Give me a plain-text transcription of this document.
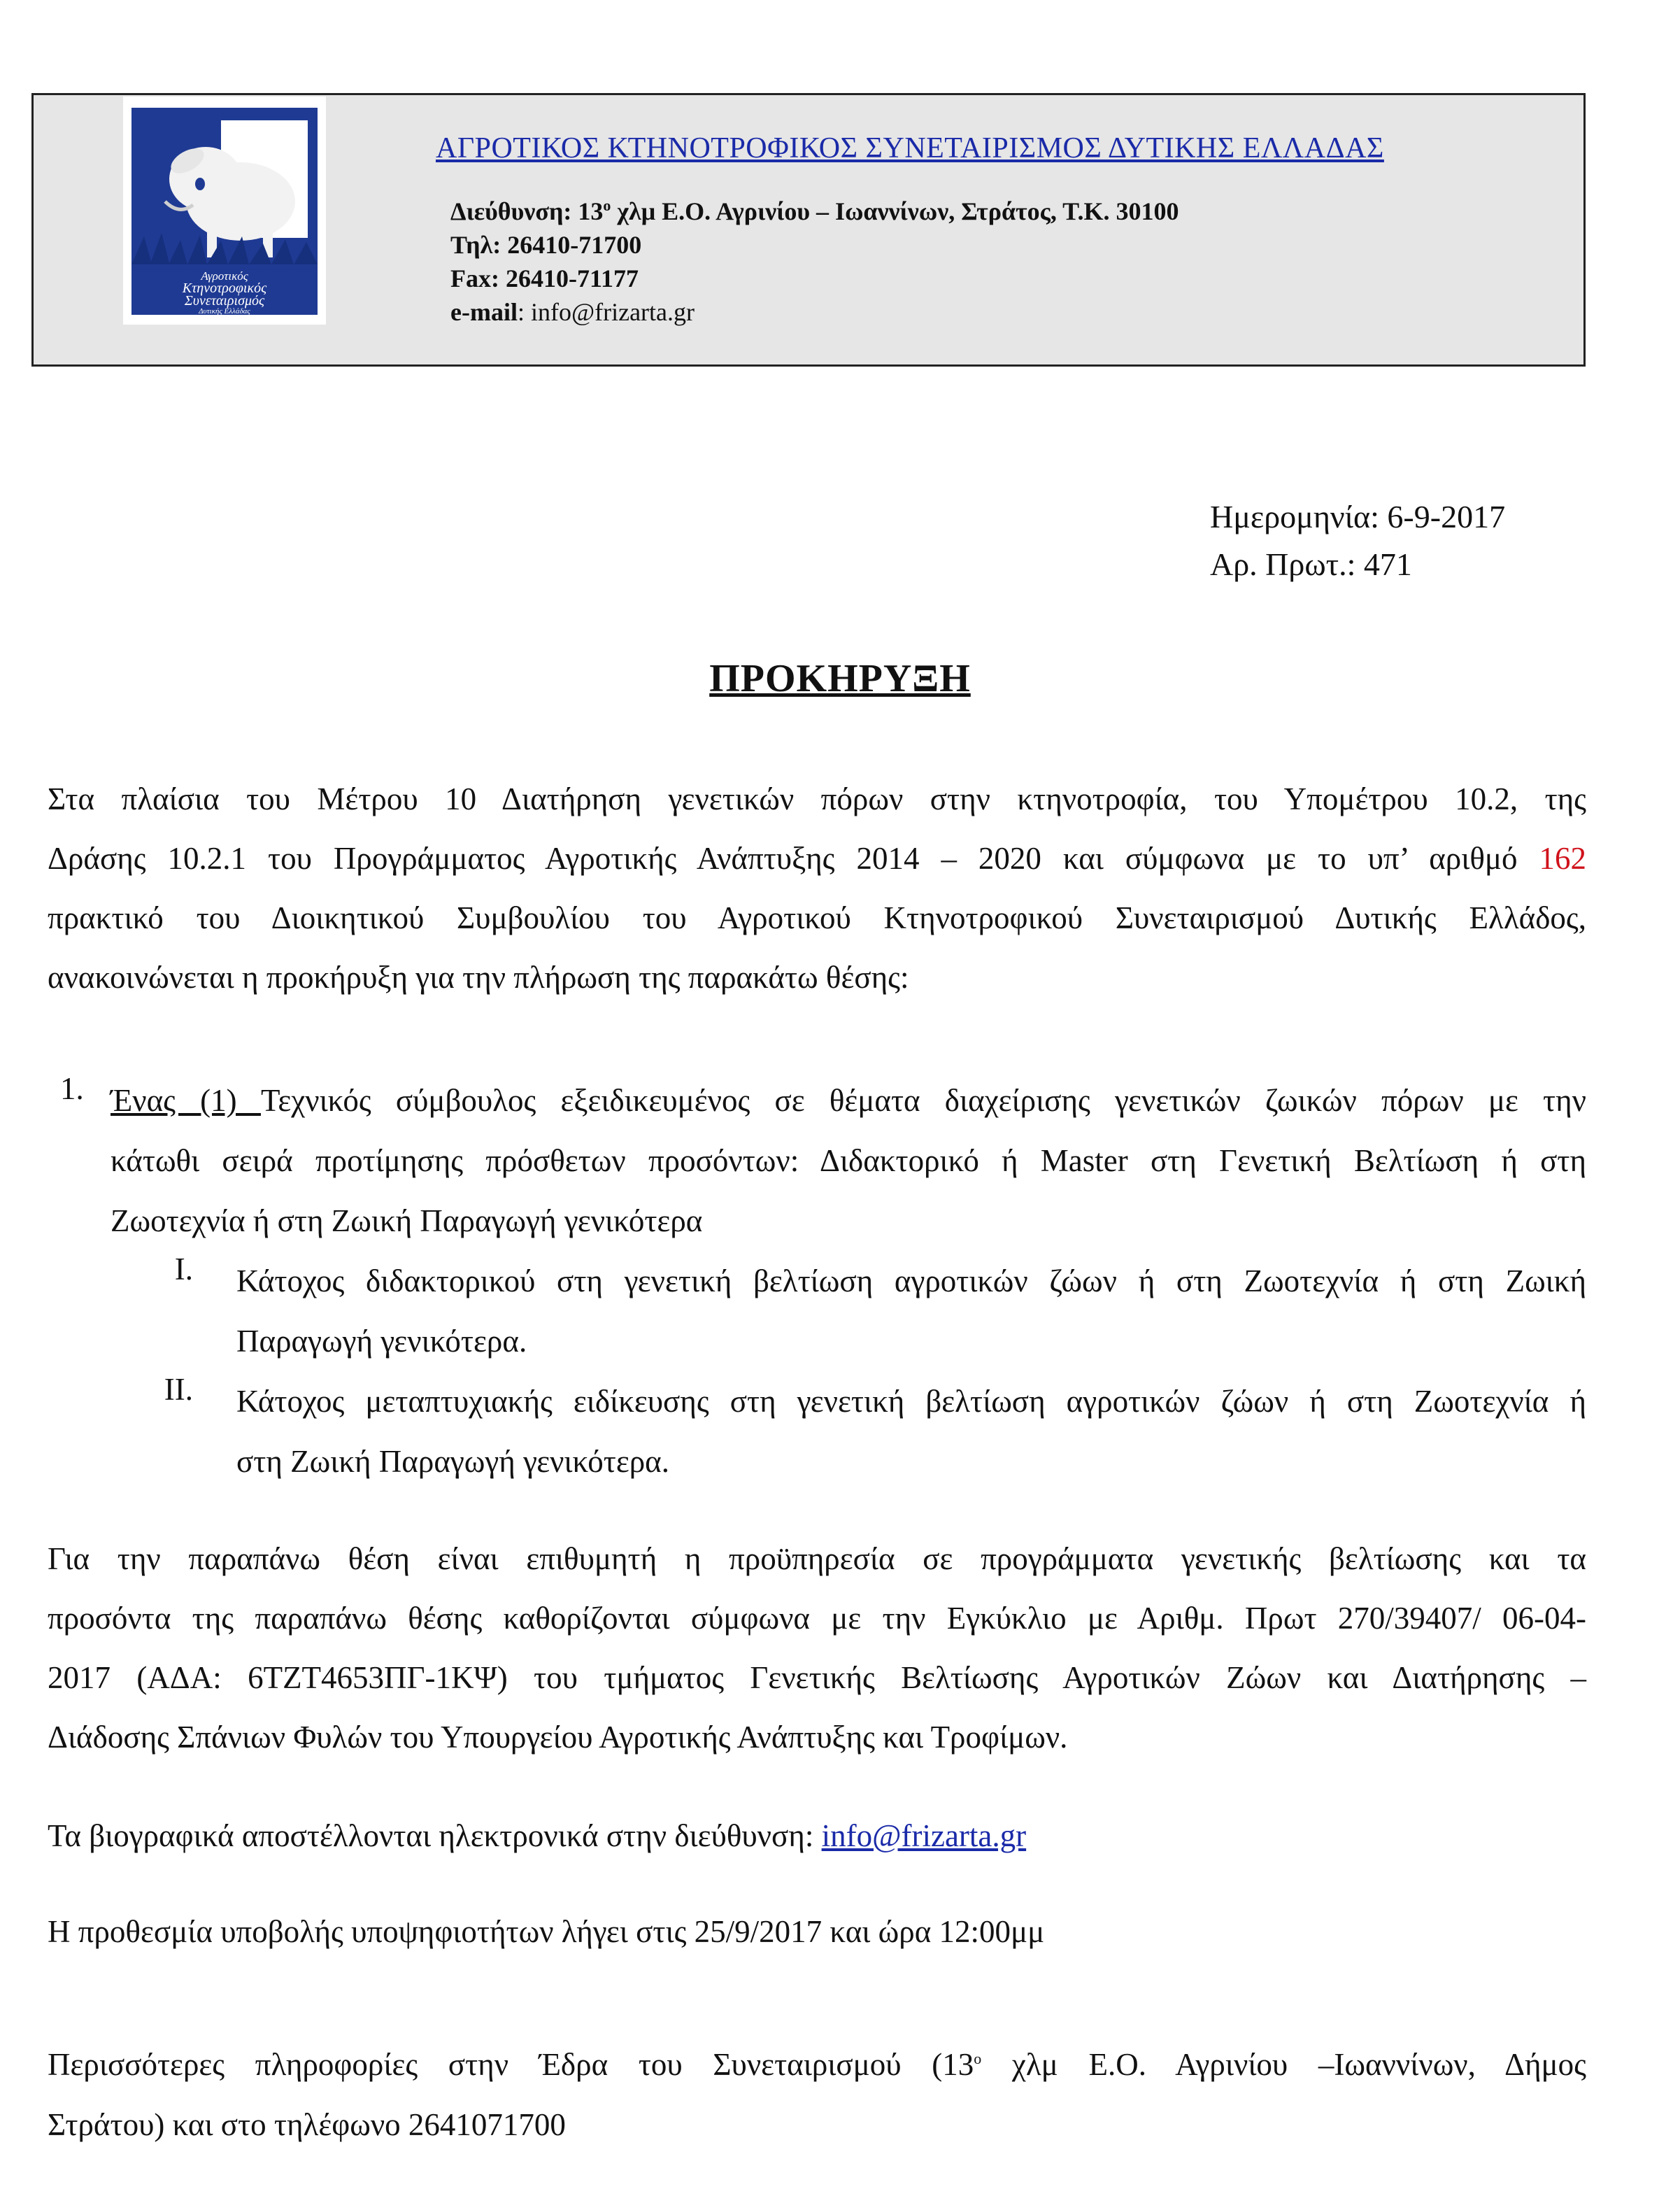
Αγροτικός
Κτηνοτροφικός
Συνεταιρισμός
Δυτικής Ελλάδας
ΑΓΡΟΤΙΚΟΣ ΚΤΗΝΟΤΡΟΦΙΚΟΣ ΣΥΝΕΤΑΙΡΙΣΜΟΣ ΔΥΤΙΚΗΣ ΕΛΛΑΔΑΣ
Διεύθυνση: $13^o$ χλμ Ε.Ο. Αγρινίου – Ιωαννίνων, Στράτος, Τ.Κ. 30100
Τηλ: 26410-71700
Fax: 26410-71177
e-mail: info@frizarta.gr
Ημερομηνία: 6-9-2017
Αρ. Πρωτ.: 471
ΠΡΟΚΗΡΥΞΗ
Στα πλαίσια του Μέτρου 10 Διατήρηση γενετικών πόρων στην κτηνοτροφία, του Υπομέτρου 10.2, της
Δράσης 10.2.1 του Προγράμματος Αγροτικής Ανάπτυξης 2014 – 2020 και σύμφωνα με το υπ’ αριθμό 162
πρακτικό του Διοικητικού Συμβουλίου του Αγροτικού Κτηνοτροφικού Συνεταιρισμού Δυτικής Ελλάδος,
ανακοινώνεται η προκήρυξη για την πλήρωση της παρακάτω θέσης:
1. Ένας (1) Τεχνικός σύμβουλος εξειδικευμένος σε θέματα διαχείρισης γενετικών ζωικών πόρων με την
κάτωθι σειρά προτίμησης πρόσθετων προσόντων: Διδακτορικό ή Master στη Γενετική Βελτίωση ή στη
Ζωοτεχνία ή στη Ζωική Παραγωγή γενικότερα
I. Κάτοχος διδακτορικού στη γενετική βελτίωση αγροτικών ζώων ή στη Ζωοτεχνία ή στη Ζωική
Παραγωγή γενικότερα.
II. Κάτοχος μεταπτυχιακής ειδίκευσης στη γενετική βελτίωση αγροτικών ζώων ή στη Ζωοτεχνία ή
στη Ζωική Παραγωγή γενικότερα.
Για την παραπάνω θέση είναι επιθυμητή η προϋπηρεσία σε προγράμματα γενετικής βελτίωσης και τα
προσόντα της παραπάνω θέσης καθορίζονται σύμφωνα με την Εγκύκλιο με Αριθμ. Πρωτ 270/39407/ 06-04-
2017 (ΑΔΑ: 6ΤΖΤ4653ΠΓ-1ΚΨ) του τμήματος Γενετικής Βελτίωσης Αγροτικών Ζώων και Διατήρησης –
Διάδοσης Σπάνιων Φυλών του Υπουργείου Αγροτικής Ανάπτυξης και Τροφίμων.
Τα βιογραφικά αποστέλλονται ηλεκτρονικά στην διεύθυνση: info@frizarta.gr
Η προθεσμία υποβολής υποψηφιοτήτων λήγει στις 25/9/2017 και ώρα 12:00μμ
Περισσότερες πληροφορίες στην Έδρα του Συνεταιρισμού ($13^o$ χλμ Ε.Ο. Αγρινίου –Ιωαννίνων, Δήμος
Στράτου) και στο τηλέφωνο 2641071700
